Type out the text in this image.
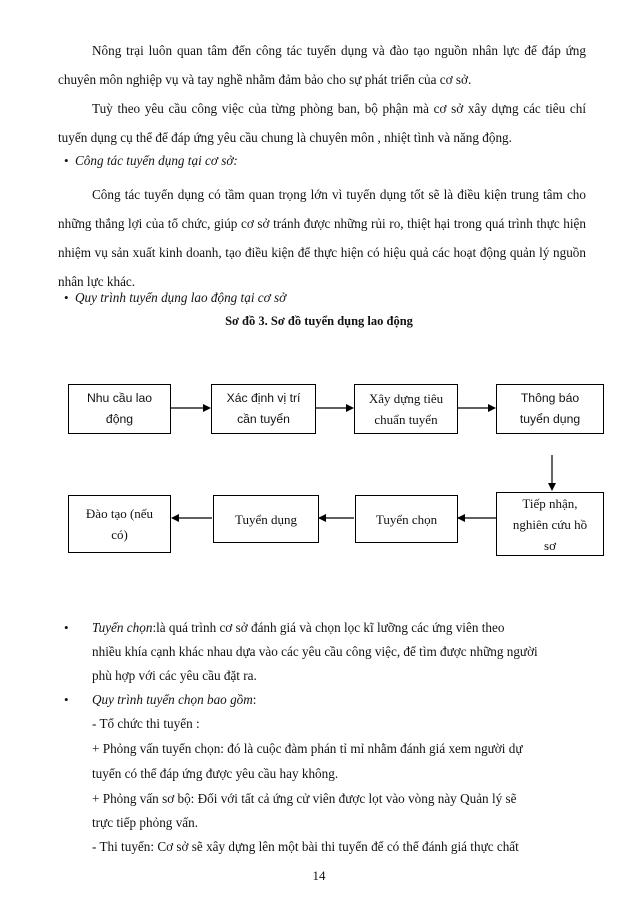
Nông trại luôn quan tâm đến công tác tuyển dụng và đào tạo nguồn nhân lực để đáp ứng chuyên môn nghiệp vụ và tay nghề nhằm đảm bảo cho sự phát triển của cơ sở.

Tuỳ theo yêu cầu công việc của từng phòng ban, bộ phận mà cơ sở xây dựng các tiêu chí tuyển dụng cụ thể để đáp ứng yêu cầu chung là chuyên môn , nhiệt tình và năng động.

• Công tác tuyển dụng tại cơ sở:

Công tác tuyển dụng có tầm quan trọng lớn vì tuyển dụng tốt sẽ là điều kiện trung tâm cho những thắng lợi của tổ chức, giúp cơ sở tránh được những rủi ro, thiệt hại trong quá trình thực hiện nhiệm vụ sản xuất kinh doanh, tạo điều kiện để thực hiện có hiệu quả các hoạt động quản lý nguồn nhân lực khác.

• Quy trình tuyển dụng lao động tại cơ sở
Sơ đồ 3. Sơ đồ tuyển dụng lao động
Nhu cầu lao
động
Xác định vị trí
cần tuyển
Xây dựng tiêu
chuẩn tuyển
Thông báo
tuyển dụng
Tiếp nhận,
nghiên cứu hồ
sơ
Tuyển chọn
Tuyển dụng
Đào tạo (nếu
có)
• Tuyển chọn:là quá trình cơ sở đánh giá và chọn lọc kĩ lưỡng các ứng viên theo
nhiều khía cạnh khác nhau dựa vào các yêu cầu công việc, để tìm được những người
phù hợp với các yêu cầu đặt ra.
• Quy trình tuyển chọn bao gồm:
- Tổ chức thi tuyển :
+ Phỏng vấn tuyển chọn: đó là cuộc đàm phán tỉ mỉ nhằm đánh giá xem người dự
tuyển có thể đáp ứng được yêu cầu hay không.
+ Phỏng vấn sơ bộ: Đối với tất cả ứng cử viên được lọt vào vòng này Quản lý sẽ
trực tiếp phỏng vấn.
- Thi tuyển: Cơ sở sẽ xây dựng lên một bài thi tuyển để có thể đánh giá thực chất
14
